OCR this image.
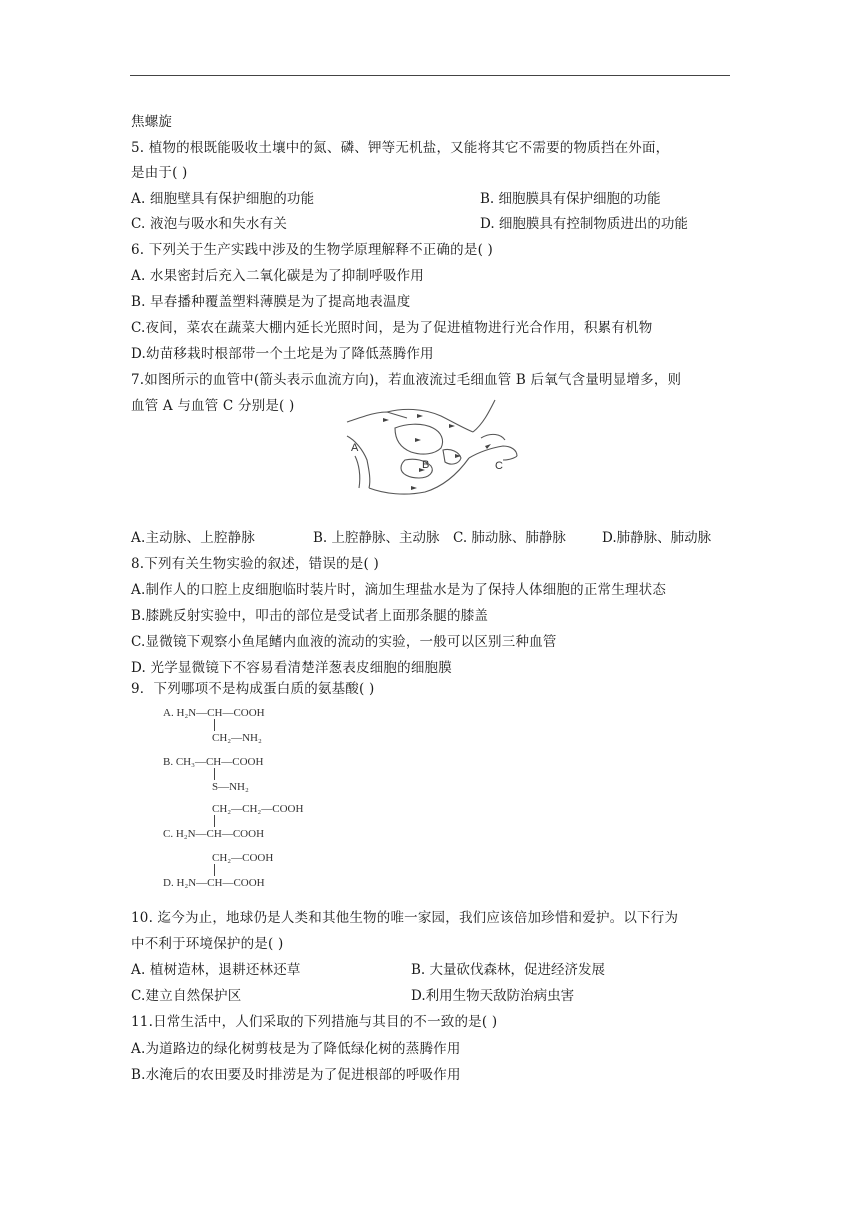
焦螺旋
5. 植物的根既能吸收土壤中的氮、磷、钾等无机盐，又能将其它不需要的物质挡在外面，
是由于( )
A. 细胞壁具有保护细胞的功能	B. 细胞膜具有保护细胞的功能
C. 液泡与吸水和失水有关	D. 细胞膜具有控制物质进出的功能
6. 下列关于生产实践中涉及的生物学原理解释不正确的是( )
A. 水果密封后充入二氧化碳是为了抑制呼吸作用
B. 早春播种覆盖塑料薄膜是为了提高地表温度
C.夜间，菜农在蔬菜大棚内延长光照时间，是为了促进植物进行光合作用，积累有机物
D.幼苗移栽时根部带一个土坨是为了降低蒸腾作用
7.如图所示的血管中(箭头表示血流方向)，若血液流过毛细血管 B 后氧气含量明显增多，则
血管 A 与血管 C 分别是( )
A
B	C
A.主动脉、上腔静脉	B. 上腔静脉、主动脉 C. 肺动脉、肺静脉	D.肺静脉、肺动脉
8.下列有关生物实验的叙述，错误的是( )
A.制作人的口腔上皮细胞临时装片时，滴加生理盐水是为了保持人体细胞的正常生理状态
B.膝跳反射实验中，叩击的部位是受试者上面那条腿的膝盖
C.显微镜下观察小鱼尾鳍内血液的流动的实验，一般可以区别三种血管
D. 光学显微镜下不容易看清楚洋葱表皮细胞的细胞膜
9．下列哪项不是构成蛋白质的氨基酸( )
A. H₂N—CH—COOH
CH₂—NH₂
B. CH₃—CH—COOH
S—NH₂
CH₂—CH₂—COOH
C. H₂N—CH—COOH
CH₂—COOH
D. H₂N—CH—COOH
10. 迄今为止，地球仍是人类和其他生物的唯一家园，我们应该倍加珍惜和爱护。以下行为
中不利于环境保护的是( )
A. 植树造林，退耕还林还草	B. 大量砍伐森林，促进经济发展
C.建立自然保护区	D.利用生物天敌防治病虫害
11.日常生活中，人们采取的下列措施与其目的不一致的是( )
A.为道路边的绿化树剪枝是为了降低绿化树的蒸腾作用
B.水淹后的农田要及时排涝是为了促进根部的呼吸作用
